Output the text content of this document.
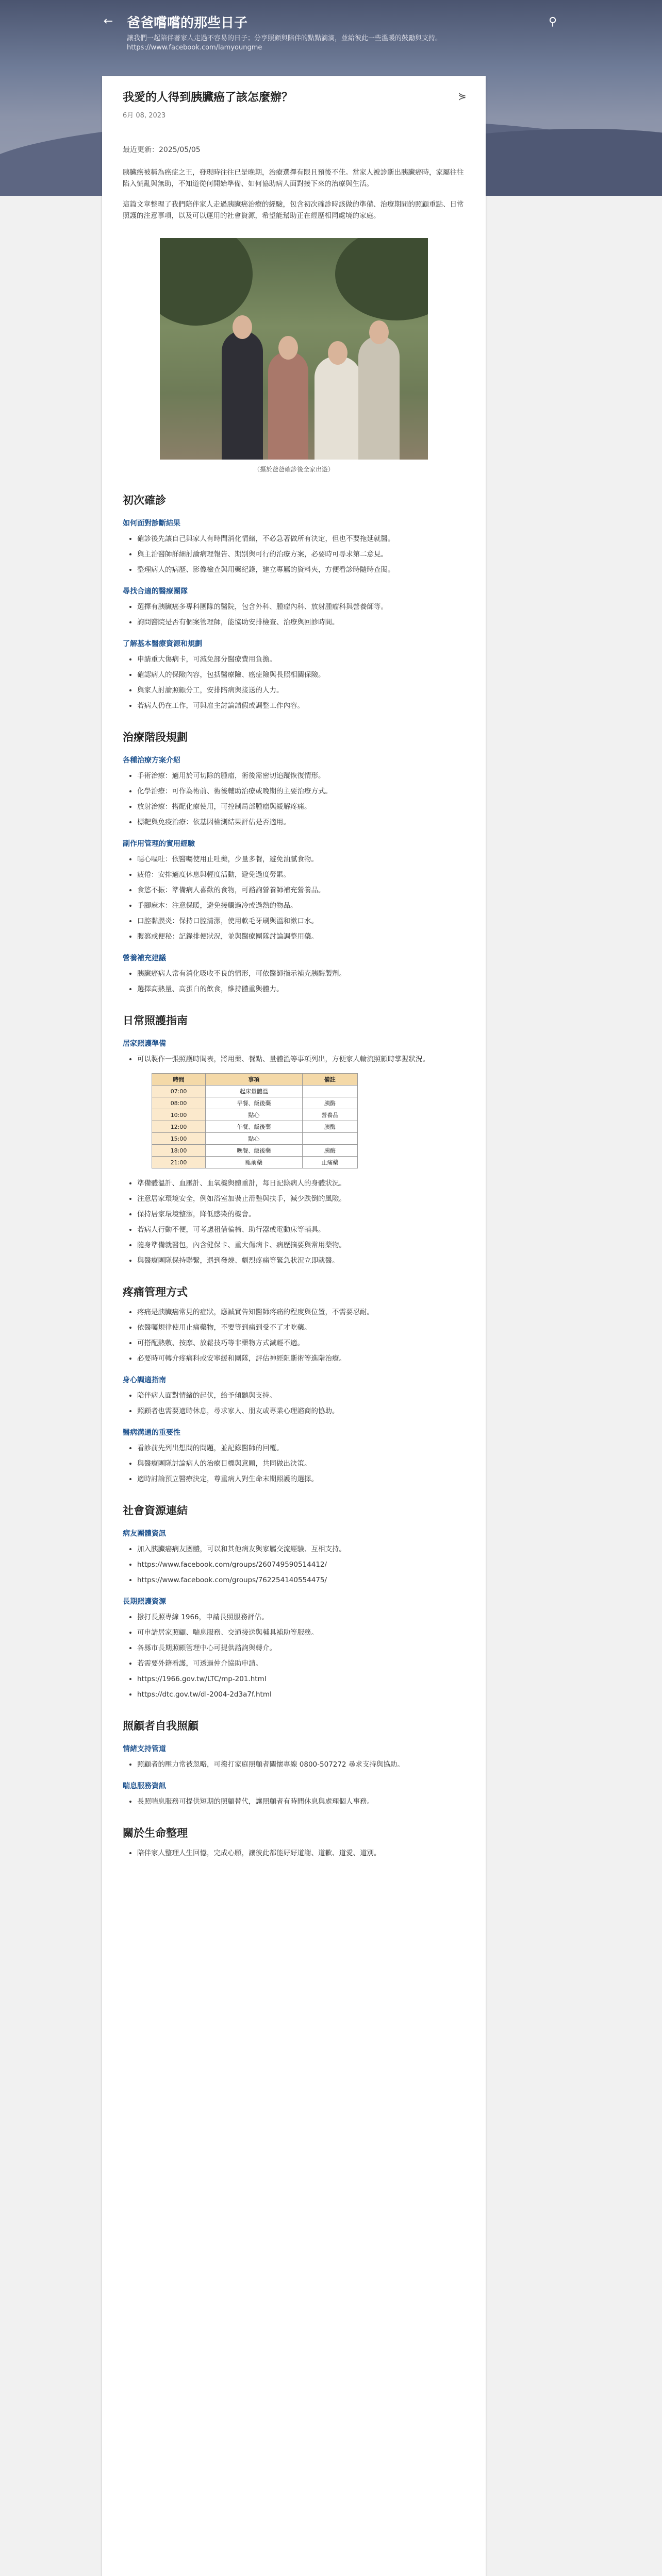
← 爸爸嚐嚐的那些日子
讓我們一起陪伴著家人走過不容易的日子；分享照顧與陪伴的點點滴滴，並給彼此一些溫暖的鼓勵與支持。 https://www.facebook.com/lamyoungme
⚲
⋟
我愛的人得到胰臟癌了該怎麼辦？
6月 08, 2023
最近更新：2025/05/05

胰臟癌被稱為癌症之王，發現時往往已是晚期，治療選擇有限且預後不佳。當家人被診斷出胰臟癌時，家屬往往陷入慌亂與無助，不知道從何開始準備、如何協助病人面對接下來的治療與生活。

這篇文章整理了我們陪伴家人走過胰臟癌治療的經驗，包含初次確診時該做的準備、治療期間的照顧重點、日常照護的注意事項，以及可以運用的社會資源，希望能幫助正在經歷相同處境的家庭。

（攝於爸爸確診後全家出遊）
初次確診
如何面對診斷結果
• 確診後先讓自己與家人有時間消化情緒，不必急著做所有決定，但也不要拖延就醫。
• 與主治醫師詳細討論病理報告、期別與可行的治療方案，必要時可尋求第二意見。
• 整理病人的病歷、影像檢查與用藥紀錄，建立專屬的資料夾，方便看診時隨時查閱。
尋找合適的醫療團隊
• 選擇有胰臟癌多專科團隊的醫院，包含外科、腫瘤內科、放射腫瘤科與營養師等。
• 詢問醫院是否有個案管理師，能協助安排檢查、治療與回診時間。
了解基本醫療資源和規劃
• 申請重大傷病卡，可減免部分醫療費用負擔。
• 確認病人的保險內容，包括醫療險、癌症險與長照相關保險。
• 與家人討論照顧分工，安排陪病與接送的人力。
• 若病人仍在工作，可與雇主討論請假或調整工作內容。
治療階段規劃
各種治療方案介紹
• 手術治療：適用於可切除的腫瘤，術後需密切追蹤恢復情形。
• 化學治療：可作為術前、術後輔助治療或晚期的主要治療方式。
• 放射治療：搭配化療使用，可控制局部腫瘤與緩解疼痛。
• 標靶與免疫治療：依基因檢測結果評估是否適用。
副作用管理的實用經驗
• 噁心嘔吐：依醫囑使用止吐藥，少量多餐，避免油膩食物。
• 疲倦：安排適度休息與輕度活動，避免過度勞累。
• 食慾不振：準備病人喜歡的食物，可諮詢營養師補充營養品。
• 手腳麻木：注意保暖，避免接觸過冷或過熱的物品。
• 口腔黏膜炎：保持口腔清潔，使用軟毛牙刷與溫和漱口水。
• 腹瀉或便秘：記錄排便狀況，並與醫療團隊討論調整用藥。
營養補充建議
• 胰臟癌病人常有消化吸收不良的情形，可依醫師指示補充胰酶製劑。
• 選擇高熱量、高蛋白的飲食，維持體重與體力。
日常照護指南
居家照護準備
• 可以製作一張照護時間表，將用藥、餐點、量體溫等事項列出，方便家人輪流照顧時掌握狀況。
時間	事項	備註
07:00	起床量體溫	
08:00	早餐、飯後藥	胰酶
10:00	點心	營養品
12:00	午餐、飯後藥	胰酶
15:00	點心	
18:00	晚餐、飯後藥	胰酶
21:00	睡前藥	止痛藥
• 準備體溫計、血壓計、血氧機與體重計，每日記錄病人的身體狀況。
• 注意居家環境安全，例如浴室加裝止滑墊與扶手，減少跌倒的風險。
• 保持居家環境整潔，降低感染的機會。
• 若病人行動不便，可考慮租借輪椅、助行器或電動床等輔具。
• 隨身準備就醫包，內含健保卡、重大傷病卡、病歷摘要與常用藥物。
• 與醫療團隊保持聯繫，遇到發燒、劇烈疼痛等緊急狀況立即就醫。
疼痛管理方式
• 疼痛是胰臟癌常見的症狀，應誠實告知醫師疼痛的程度與位置，不需要忍耐。
• 依醫囑規律使用止痛藥物，不要等到痛到受不了才吃藥。
• 可搭配熱敷、按摩、放鬆技巧等非藥物方式減輕不適。
• 必要時可轉介疼痛科或安寧緩和團隊，評估神經阻斷術等進階治療。
身心調適指南
• 陪伴病人面對情緒的起伏，給予傾聽與支持。
• 照顧者也需要適時休息，尋求家人、朋友或專業心理諮商的協助。
醫病溝通的重要性
• 看診前先列出想問的問題，並記錄醫師的回覆。
• 與醫療團隊討論病人的治療目標與意願，共同做出決策。
• 適時討論預立醫療決定，尊重病人對生命末期照護的選擇。
社會資源連結
病友團體資訊
• 加入胰臟癌病友團體，可以和其他病友與家屬交流經驗、互相支持。
• https://www.facebook.com/groups/260749590514412/
• https://www.facebook.com/groups/762254140554475/
長期照護資源
• 撥打長照專線 1966，申請長照服務評估。
• 可申請居家照顧、喘息服務、交通接送與輔具補助等服務。
• 各縣市長期照顧管理中心可提供諮詢與轉介。
• 若需要外籍看護，可透過仲介協助申請。
• https://1966.gov.tw/LTC/mp-201.html
• https://dtc.gov.tw/dl-2004-2d3a7f.html
照顧者自我照顧
情緒支持管道
• 照顧者的壓力常被忽略，可撥打家庭照顧者關懷專線 0800-507272 尋求支持與協助。
喘息服務資訊
• 長照喘息服務可提供短期的照顧替代，讓照顧者有時間休息與處理個人事務。
關於生命整理
• 陪伴家人整理人生回憶，完成心願，讓彼此都能好好道謝、道歉、道愛、道別。
